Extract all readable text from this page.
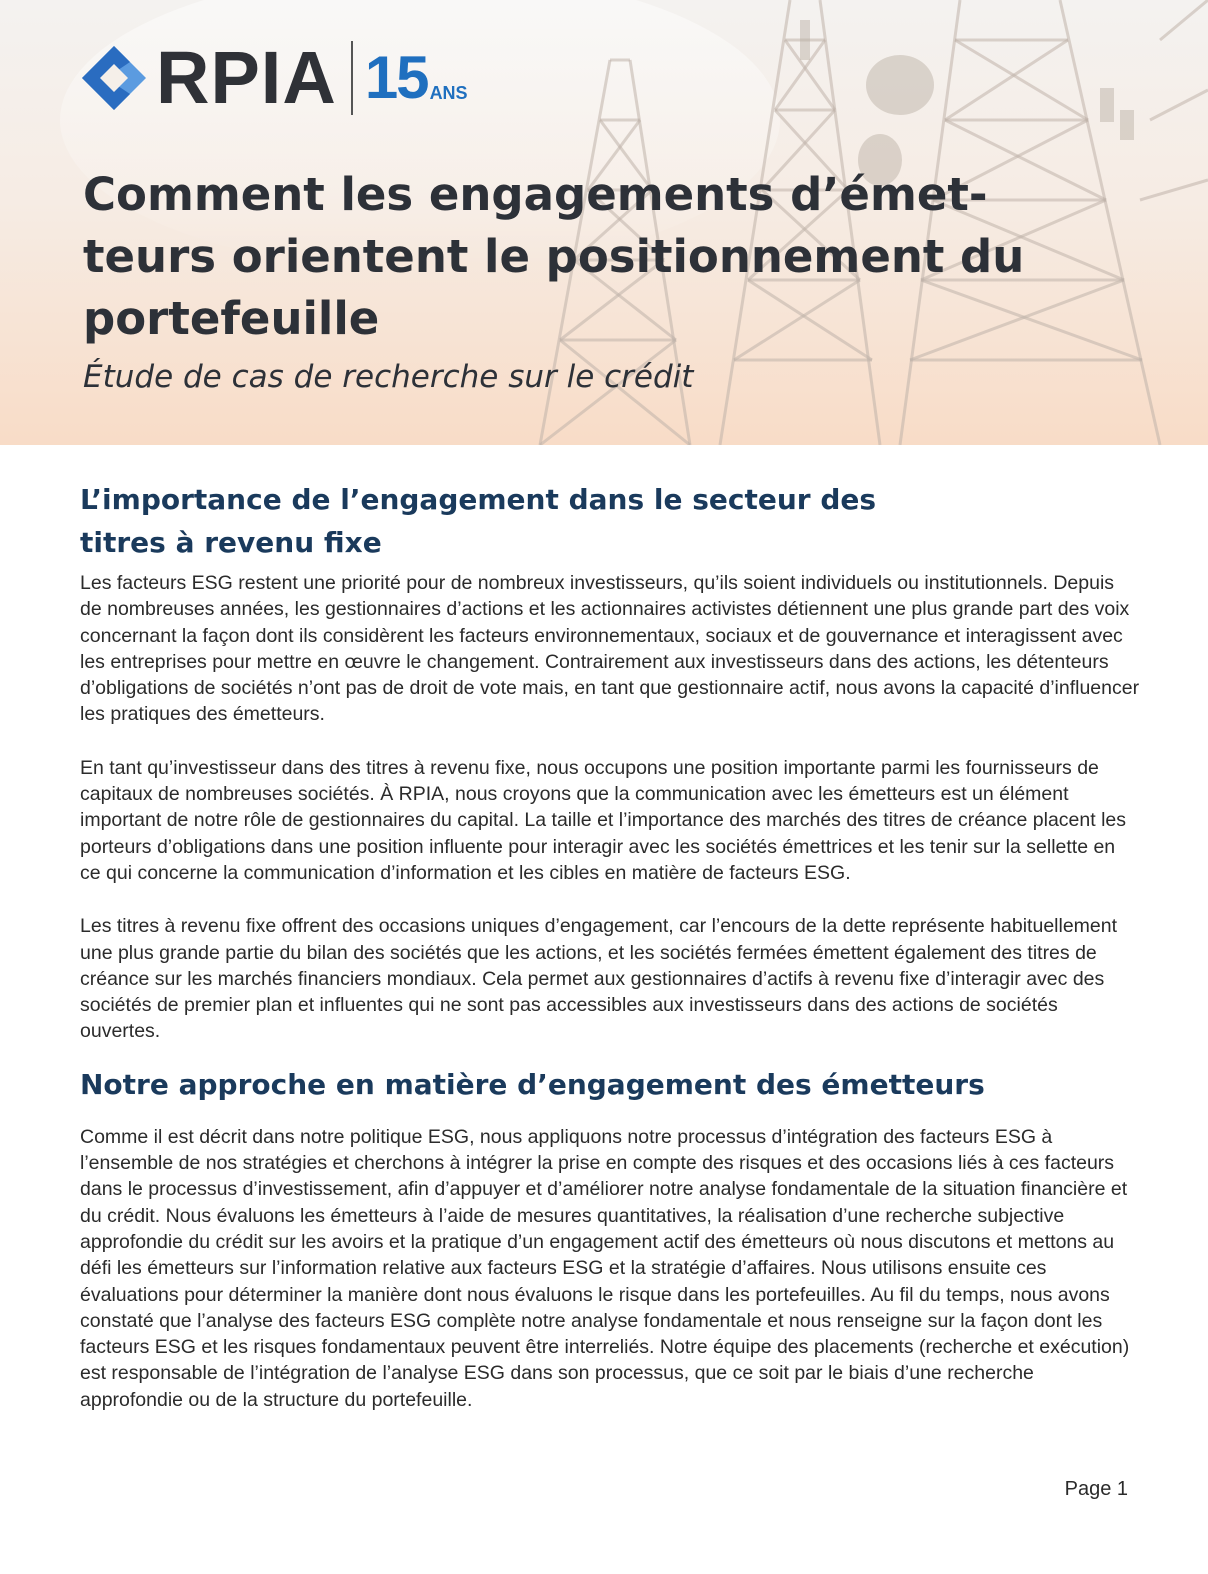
RPIA 15 ANS
Comment les engagements d’émet-teurs orientent le positionnement du portefeuille

Étude de cas de recherche sur le crédit

L’importance de l’engagement dans le secteur des titres à revenu fixe

Les facteurs ESG restent une priorité pour de nombreux investisseurs, qu’ils soient individuels ou institutionnels. Depuis de nombreuses années, les gestionnaires d’actions et les actionnaires activistes détiennent une plus grande part des voix concernant la façon dont ils considèrent les facteurs environnementaux, sociaux et de gouvernance et interagissent avec les entreprises pour mettre en œuvre le changement. Contrairement aux investisseurs dans des actions, les détenteurs d’obligations de sociétés n’ont pas de droit de vote mais, en tant que gestionnaire actif, nous avons la capacité d’influencer les pratiques des émetteurs.

En tant qu’investisseur dans des titres à revenu fixe, nous occupons une position importante parmi les fournisseurs de capitaux de nombreuses sociétés. À RPIA, nous croyons que la communication avec les émetteurs est un élément important de notre rôle de gestionnaires du capital. La taille et l’importance des marchés des titres de créance placent les porteurs d’obligations dans une position influente pour interagir avec les sociétés émettrices et les tenir sur la sellette en ce qui concerne la communication d’information et les cibles en matière de facteurs ESG.

Les titres à revenu fixe offrent des occasions uniques d’engagement, car l’encours de la dette représente habituellement une plus grande partie du bilan des sociétés que les actions, et les sociétés fermées émettent également des titres de créance sur les marchés financiers mondiaux. Cela permet aux gestionnaires d’actifs à revenu fixe d’interagir avec des sociétés de premier plan et influentes qui ne sont pas accessibles aux investisseurs dans des actions de sociétés ouvertes.

Notre approche en matière d’engagement des émetteurs

Comme il est décrit dans notre politique ESG, nous appliquons notre processus d’intégration des facteurs ESG à l’ensemble de nos stratégies et cherchons à intégrer la prise en compte des risques et des occasions liés à ces facteurs dans le processus d’investissement, afin d’appuyer et d’améliorer notre analyse fondamentale de la situation financière et du crédit. Nous évaluons les émetteurs à l’aide de mesures quantitatives, la réalisation d’une recherche subjective approfondie du crédit sur les avoirs et la pratique d’un engagement actif des émetteurs où nous discutons et mettons au défi les émetteurs sur l’information relative aux facteurs ESG et la stratégie d’affaires. Nous utilisons ensuite ces évaluations pour déterminer la manière dont nous évaluons le risque dans les portefeuilles. Au fil du temps, nous avons constaté que l’analyse des facteurs ESG complète notre analyse fondamentale et nous renseigne sur la façon dont les facteurs ESG et les risques fondamentaux peuvent être interreliés. Notre équipe des placements (recherche et exécution) est responsable de l’intégration de l’analyse ESG dans son processus, que ce soit par le biais d’une recherche approfondie ou de la structure du portefeuille.

Page 1
